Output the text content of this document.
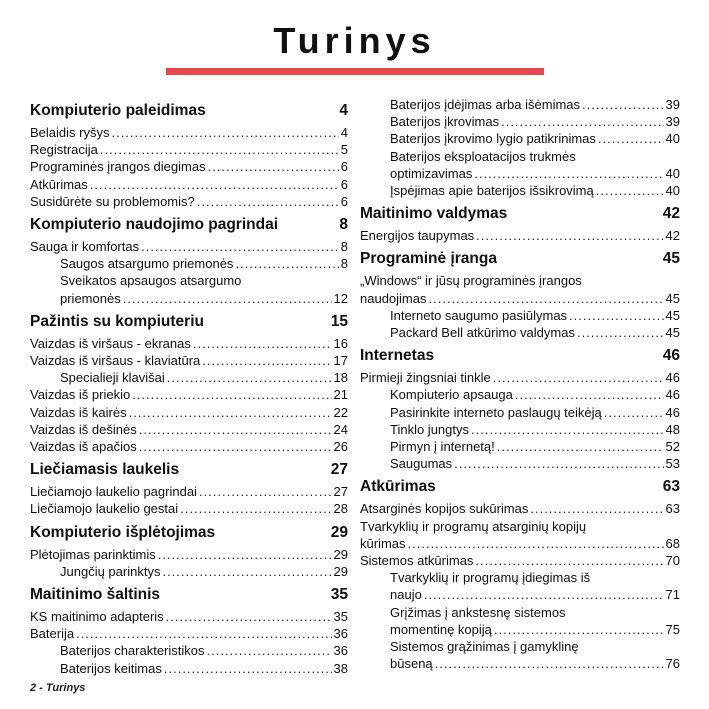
Turinys
Kompiuterio paleidimas	4
Belaidis ryšys .....	4
Registracija .....	5
Programinės įrangos diegimas .....	6
Atkūrimas .....	6
Susidūrėte su problemomis? .....	6
Kompiuterio naudojimo pagrindai	8
Sauga ir komfortas .....	8
Saugos atsargumo priemonės .....	8
Sveikatos apsaugos atsargumo
priemonės .....	12
Pažintis su kompiuteriu	15
Vaizdas iš viršaus - ekranas .....	16
Vaizdas iš viršaus - klaviatūra .....	17
Specialieji klavišai .....	18
Vaizdas iš priekio .....	21
Vaizdas iš kairės .....	22
Vaizdas iš dešinės .....	24
Vaizdas iš apačios .....	26
Liečiamasis laukelis	27
Liečiamojo laukelio pagrindai .....	27
Liečiamojo laukelio gestai .....	28
Kompiuterio išplėtojimas	29
Plėtojimas parinktimis .....	29
Jungčių parinktys .....	29
Maitinimo šaltinis	35
KS maitinimo adapteris .....	35
Baterija .....	36
Baterijos charakteristikos .....	36
Baterijos keitimas .....	38
Baterijos įdėjimas arba išėmimas .....	39
Baterijos įkrovimas .....	39
Baterijos įkrovimo lygio patikrinimas .....	40
Baterijos eksploatacijos trukmės
optimizavimas .....	40
Įspėjimas apie baterijos išsikrovimą .....	40
Maitinimo valdymas	42
Energijos taupymas .....	42
Programinė įranga	45
„Windows“ ir jūsų programinės įrangos
naudojimas .....	45
Interneto saugumo pasiūlymas .....	45
Packard Bell atkūrimo valdymas .....	45
Internetas	46
Pirmieji žingsniai tinkle .....	46
Kompiuterio apsauga .....	46
Pasirinkite interneto paslaugų teikėją .....	46
Tinklo jungtys .....	48
Pirmyn į internetą! .....	52
Saugumas .....	53
Atkūrimas	63
Atsarginės kopijos sukūrimas .....	63
Tvarkyklių ir programų atsarginių kopijų
kūrimas .....	68
Sistemos atkūrimas .....	70
Tvarkyklių ir programų įdiegimas iš
naujo .....	71
Grįžimas į ankstesnę sistemos
momentinę kopiją .....	75
Sistemos grąžinimas į gamyklinę
būseną .....	76
2 - Turinys
